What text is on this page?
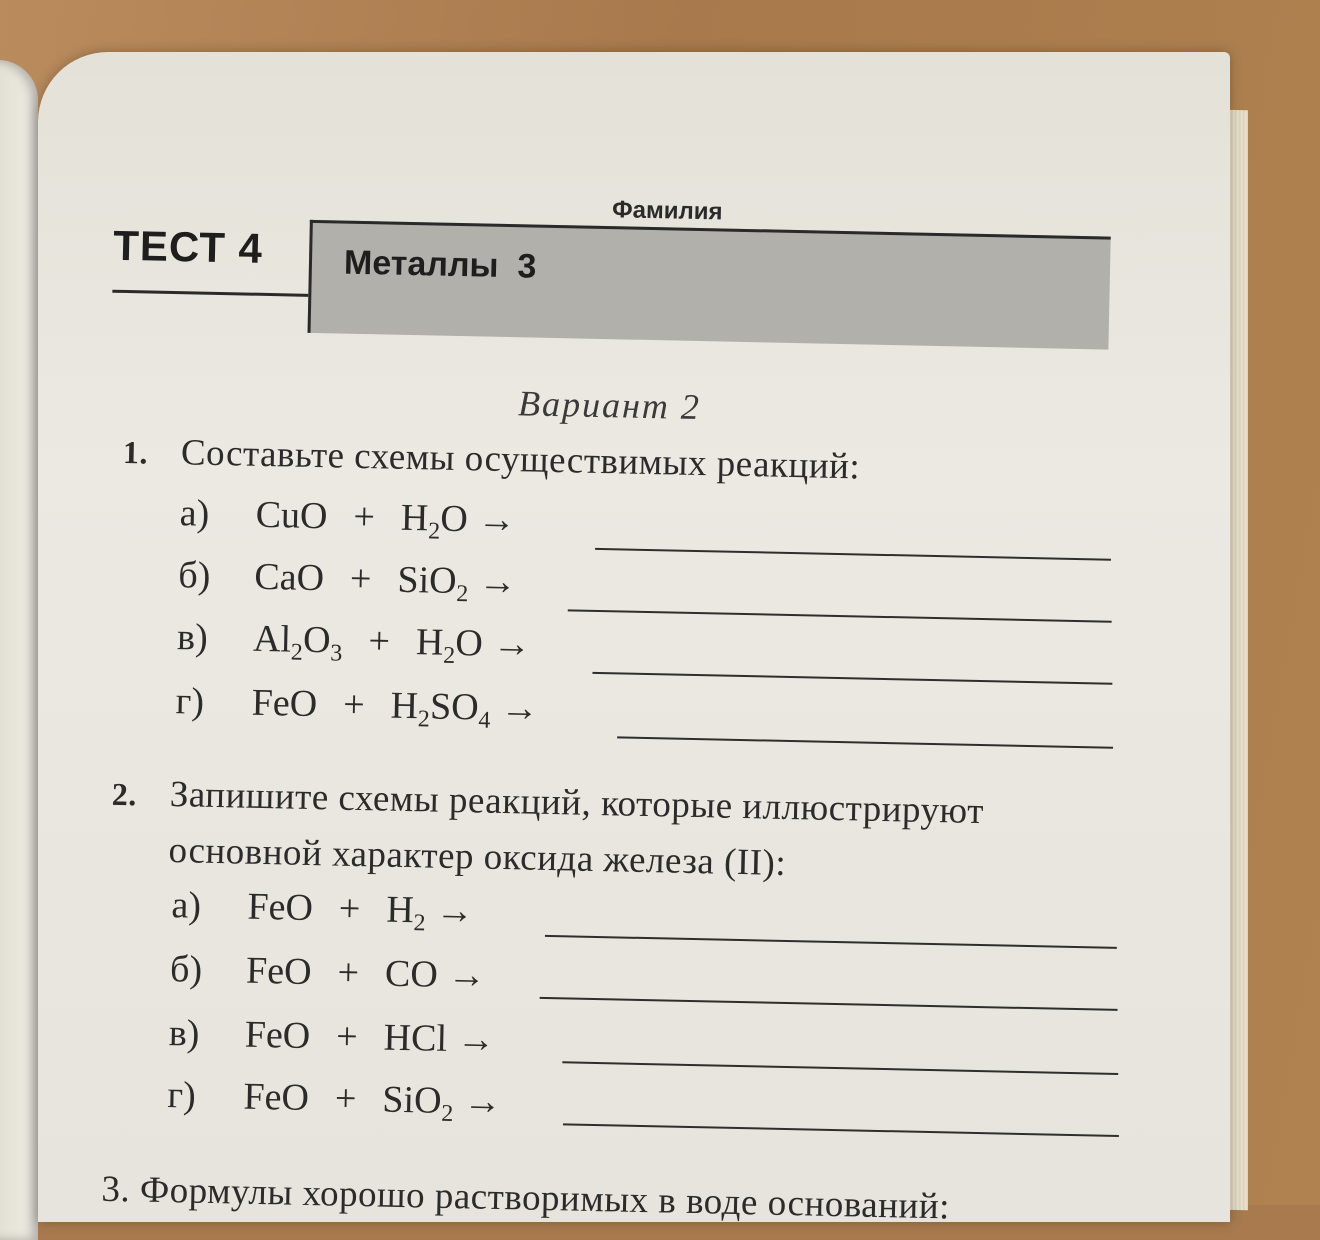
Фамилия
ТЕСТ 4 Металлы  3
Вариант 2
1. Составьте схемы осуществимых реакций:
а) CuO + $H_2O$ →
б) CaO + SiO$_2$ →
в) $Al_2O_3 + H_2O$ →
г) FeO + $H_2SO_4$ →
2. Запишите схемы реакций, которые иллюстрируют
основной характер оксида железа (II):
а) FeO + $H_2$ →
б) FeO + CO →
в) FeO + HCl →
г) FeO + SiO$_2$ →
3. Формулы хорошо растворимых в воде оснований:
